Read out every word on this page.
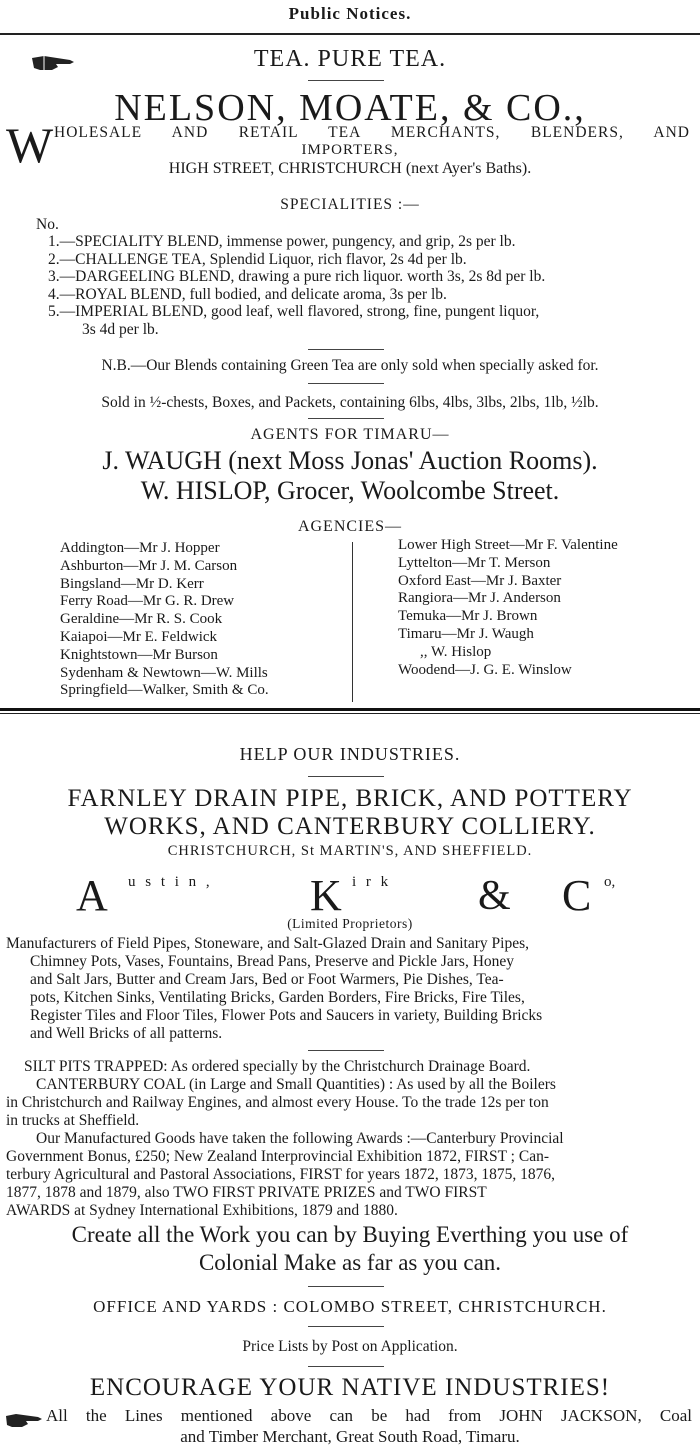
Public Notices.
TEA. PURE TEA.
NELSON, MOATE, & CO.,
W HOLESALE AND RETAIL TEA MERCHANTS, BLENDERS, AND
IMPORTERS,
HIGH STREET, CHRISTCHURCH (next Ayer's Baths).
SPECIALITIES :—
No.
1.—SPECIALITY BLEND, immense power, pungency, and grip, 2s per lb.
2.—CHALLENGE TEA, Splendid Liquor, rich flavor, 2s 4d per lb.
3.—DARGEELING BLEND, drawing a pure rich liquor. worth 3s, 2s 8d per lb.
4.—ROYAL BLEND, full bodied, and delicate aroma, 3s per lb.
5.—IMPERIAL BLEND, good leaf, well flavored, strong, fine, pungent liquor,
3s 4d per lb.
N.B.—Our Blends containing Green Tea are only sold when specially asked for.
Sold in ½-chests, Boxes, and Packets, containing 6lbs, 4lbs, 3lbs, 2lbs, 1lb, ½lb.
AGENTS FOR TIMARU—
J. WAUGH (next Moss Jonas' Auction Rooms).
W. HISLOP, Grocer, Woolcombe Street.
AGENCIES—
Addington—Mr J. Hopper
Ashburton—Mr J. M. Carson
Bingsland—Mr D. Kerr
Ferry Road—Mr G. R. Drew
Geraldine—Mr R. S. Cook
Kaiapoi—Mr E. Feldwick
Knightstown—Mr Burson
Sydenham & Newtown—W. Mills
Springfield—Walker, Smith & Co.
Lower High Street—Mr F. Valentine
Lyttelton—Mr T. Merson
Oxford East—Mr J. Baxter
Rangiora—Mr J. Anderson
Temuka—Mr J. Brown
Timaru—Mr J. Waugh
,, W. Hislop
Woodend—J. G. E. Winslow
HELP OUR INDUSTRIES.
FARNLEY DRAIN PIPE, BRICK, AND POTTERY
WORKS, AND CANTERBURY COLLIERY.
CHRISTCHURCH, St MARTIN'S, AND SHEFFIELD.
A u s t i n , K i r k & C o,
(Limited Proprietors)
Manufacturers of Field Pipes, Stoneware, and Salt-Glazed Drain and Sanitary Pipes,
Chimney Pots, Vases, Fountains, Bread Pans, Preserve and Pickle Jars, Honey
and Salt Jars, Butter and Cream Jars, Bed or Foot Warmers, Pie Dishes, Tea-
pots, Kitchen Sinks, Ventilating Bricks, Garden Borders, Fire Bricks, Fire Tiles,
Register Tiles and Floor Tiles, Flower Pots and Saucers in variety, Building Bricks
and Well Bricks of all patterns.
SILT PITS TRAPPED: As ordered specially by the Christchurch Drainage Board.
CANTERBURY COAL (in Large and Small Quantities) : As used by all the Boilers
in Christchurch and Railway Engines, and almost every House. To the trade 12s per ton
in trucks at Sheffield.
Our Manufactured Goods have taken the following Awards :—Canterbury Provincial
Government Bonus, £250; New Zealand Interprovincial Exhibition 1872, FIRST ; Can-
terbury Agricultural and Pastoral Associations, FIRST for years 1872, 1873, 1875, 1876,
1877, 1878 and 1879, also TWO FIRST PRIVATE PRIZES and TWO FIRST
AWARDS at Sydney International Exhibitions, 1879 and 1880.
Create all the Work you can by Buying Everthing you use of
Colonial Make as far as you can.
OFFICE AND YARDS : COLOMBO STREET, CHRISTCHURCH.
Price Lists by Post on Application.
ENCOURAGE YOUR NATIVE INDUSTRIES!
All the Lines mentioned above can be had from JOHN JACKSON, Coal
and Timber Merchant, Great South Road, Timaru.
